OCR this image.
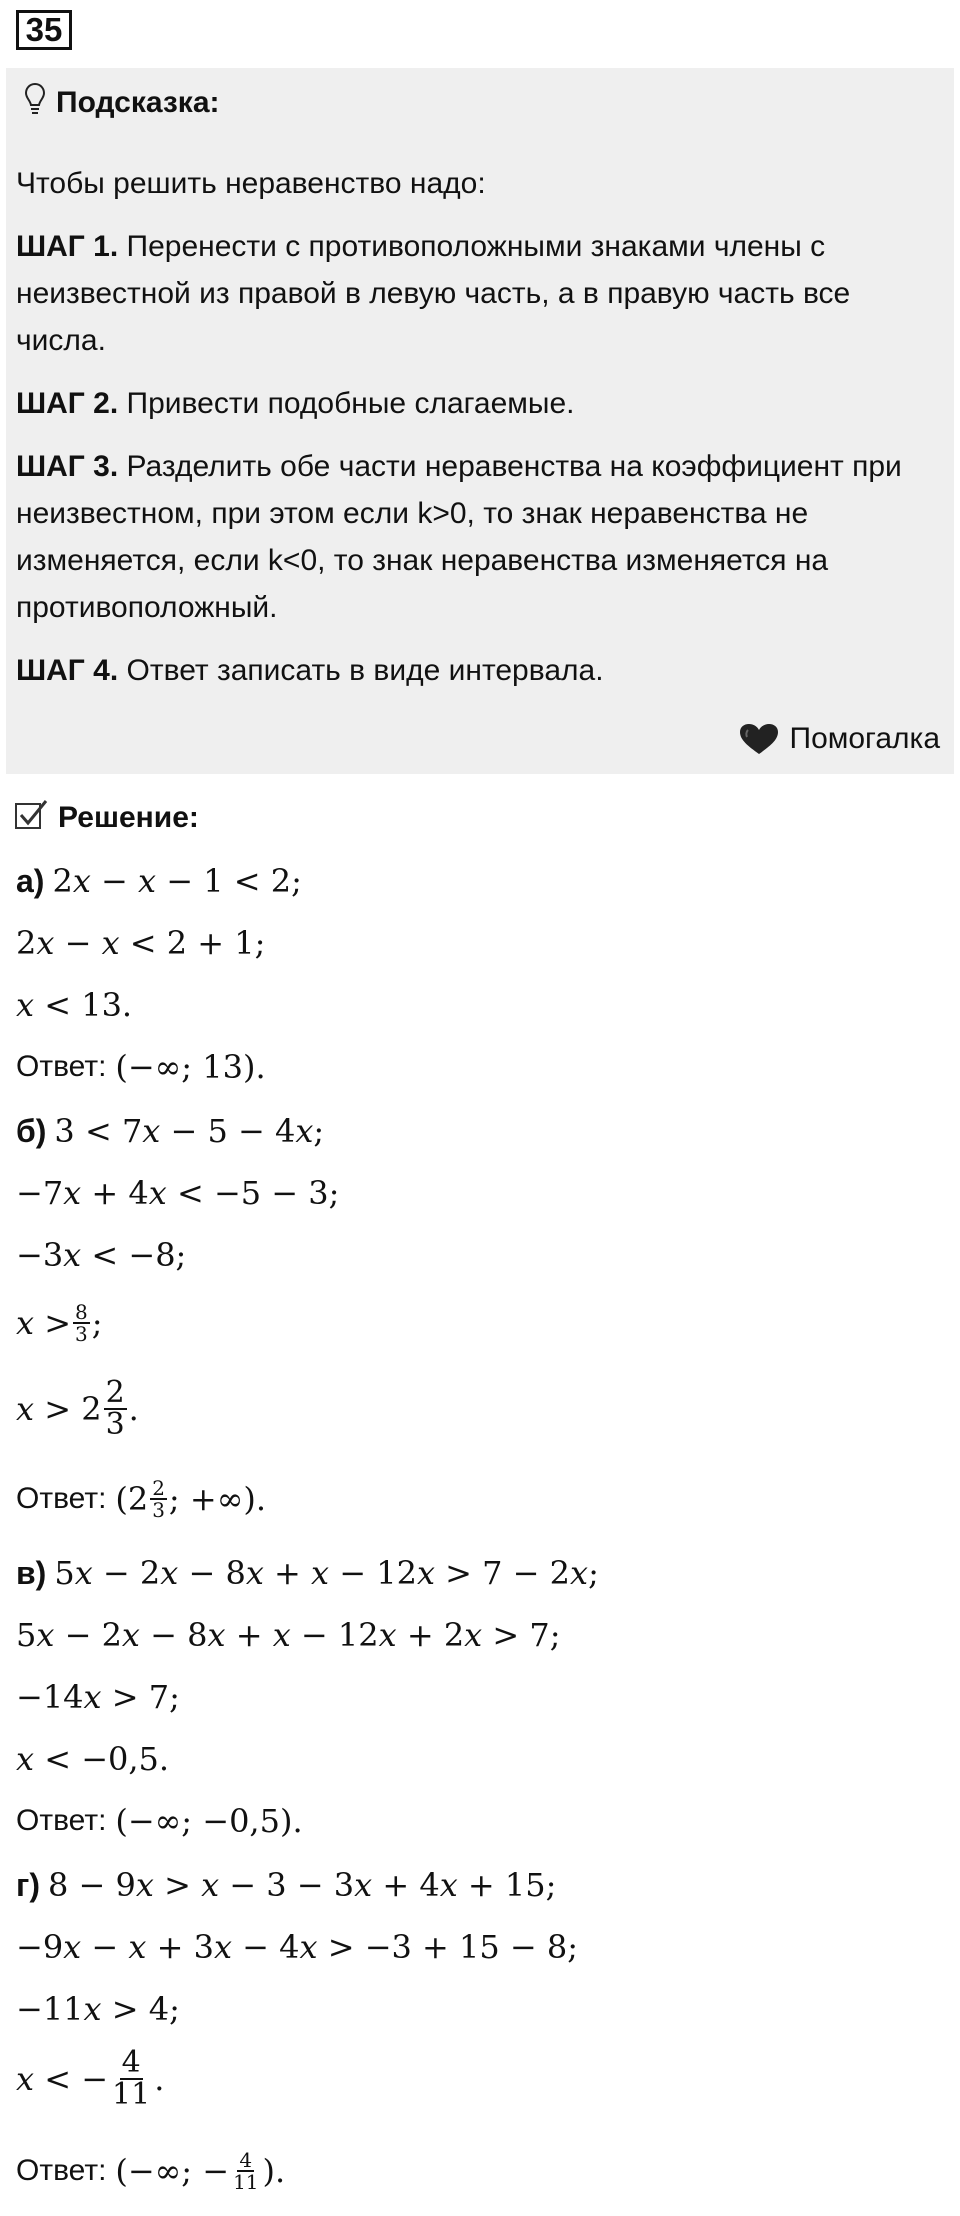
35
Подсказка:

Чтобы решить неравенство надо:

ШАГ 1. Перенести с противоположными знаками члены с неизвестной из правой в левую часть, а в правую часть все числа.

ШАГ 2. Привести подобные слагаемые.

ШАГ 3. Разделить обе части неравенства на коэффициент при неизвестном, при этом если k>0, то знак неравенства не изменяется, если k<0, то знак неравенства изменяется на противоположный.

ШАГ 4. Ответ записать в виде интервала.

Помогалка
Решение:
а) 2𝑥 − 𝑥 − 1 < 2;
2𝑥 − 𝑥 < 2 + 1;
𝑥 < 13.
Ответ:
(−∞; 13).
б) 3 < 7𝑥 − 5 − 4𝑥;
−7𝑥 + 4𝑥 < −5 − 3;
−3𝑥 < −8;
𝑥 > $\frac{8}{3}$ ;
𝑥 > $2 \frac{2}{3}$ .
Ответ:
($2 \frac{2}{3}$ ; +∞).
в) 5𝑥 − 2𝑥 − 8𝑥 + 𝑥 − 12𝑥 > 7 − 2𝑥;
5𝑥 − 2𝑥 − 8𝑥 + 𝑥 − 12𝑥 + 2𝑥 > 7;
−14𝑥 > 7;
𝑥 < −0,5.
Ответ:
(−∞; −0,5).
г) 8 − 9𝑥 > 𝑥 − 3 − 3𝑥 + 4𝑥 + 15;
−9𝑥 − 𝑥 + 3𝑥 − 4𝑥 > −3 + 15 − 8;
−11𝑥 > 4;
𝑥 < − $\frac{4}{11}$ .
Ответ:
(−∞; − $\frac{4}{11}$ ).
